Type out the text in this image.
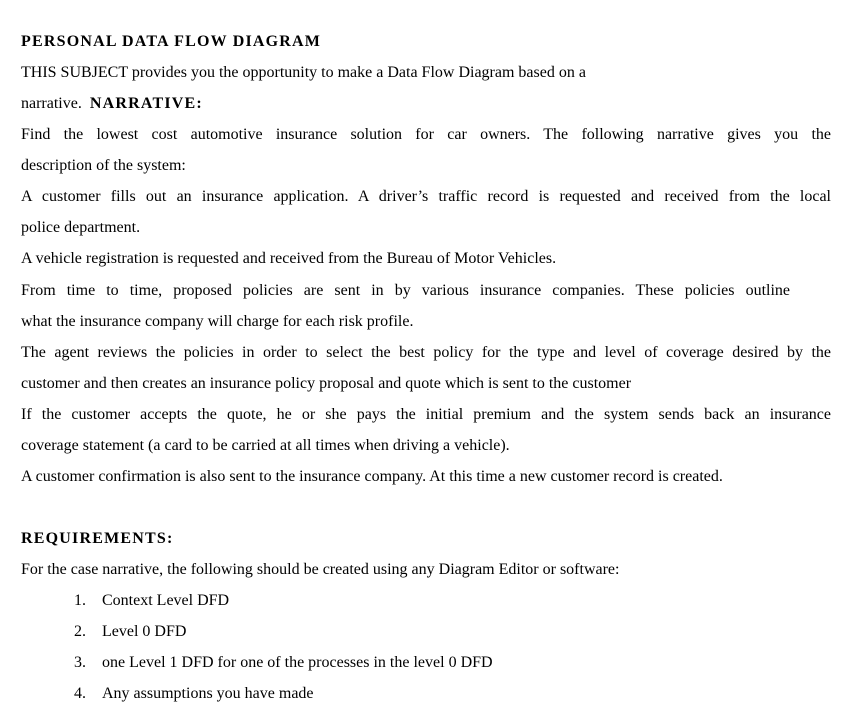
PERSONAL DATA FLOW DIAGRAM
THIS SUBJECT provides you the opportunity to make a Data Flow Diagram based on a
narrative. NARRATIVE:
Find the lowest cost automotive insurance solution for car owners. The following narrative gives you the
description of the system:
A customer fills out an insurance application. A driver’s traffic record is requested and received from the local
police department.
A vehicle registration is requested and received from the Bureau of Motor Vehicles.
From time to time, proposed policies are sent in by various insurance companies. These policies outline
what the insurance company will charge for each risk profile.
The agent reviews the policies in order to select the best policy for the type and level of coverage desired by the
customer and then creates an insurance policy proposal and quote which is sent to the customer
If the customer accepts the quote, he or she pays the initial premium and the system sends back an insurance
coverage statement (a card to be carried at all times when driving a vehicle).
A customer confirmation is also sent to the insurance company. At this time a new customer record is created.
REQUIREMENTS:
For the case narrative, the following should be created using any Diagram Editor or software:
1. Context Level DFD
2. Level 0 DFD
3. one Level 1 DFD for one of the processes in the level 0 DFD
4. Any assumptions you have made
